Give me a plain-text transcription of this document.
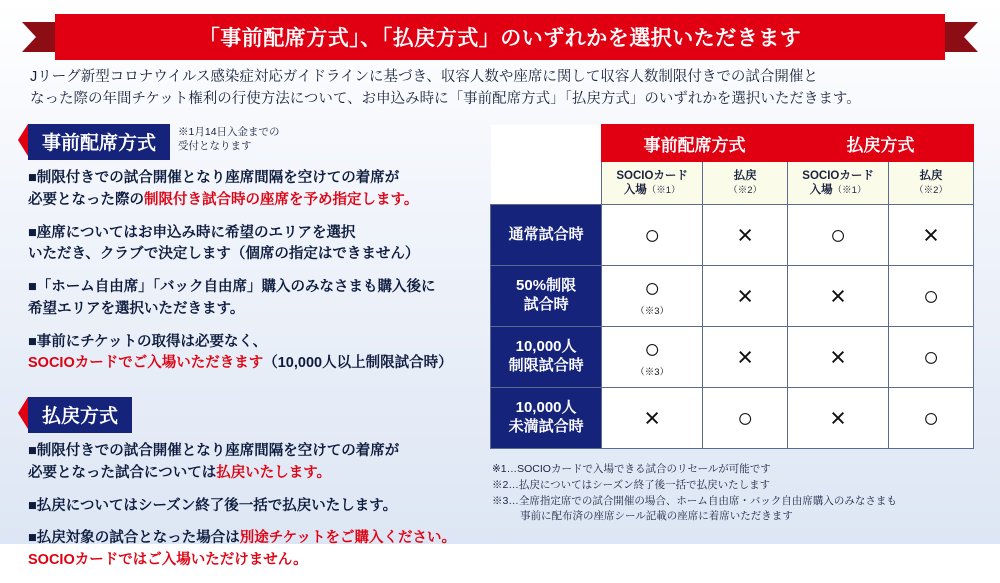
「事前配席方式」、「払戻方式」のいずれかを選択いただきます
Jリーグ新型コロナウイルス感染症対応ガイドラインに基づき、収容人数や座席に関して収容人数制限付きでの試合開催と
なった際の年間チケット権利の行使方法について、お申込み時に「事前配席方式」「払戻方式」のいずれかを選択いただきます。
事前配席方式
※1月14日入金までの
受付となります
■制限付きでの試合開催となり座席間隔を空けての着席が
必要となった際の制限付き試合時の座席を予め指定します。
■座席についてはお申込み時に希望のエリアを選択
いただき、クラブで決定します（個席の指定はできません）
■「ホーム自由席」「バック自由席」購入のみなさまも購入後に
希望エリアを選択いただきます。
■事前にチケットの取得は必要なく、
SOCIOカードでご入場いただきます（10,000人以上制限試合時）
払戻方式
■制限付きでの試合開催となり座席間隔を空けての着席が
必要となった試合については払戻いたします。
■払戻についてはシーズン終了後一括で払戻いたします。
■払戻対象の試合となった場合は別途チケットをご購入ください。
SOCIOカードではご入場いただけません。
	事前配席方式		払戻方式	
	SOCIOカード
入場（※1）	払戻
（※2）	SOCIOカード
入場（※1）	払戻
（※2）
通常試合時	○	×	○	×

50%制限
試合時	○
（※3）	×	×	○

10,000人
制限試合時	○
（※3）	×	×	○

10,000人
未満試合時	×	○	×	○
※1…SOCIOカードで入場できる試合のリセールが可能です
※2…払戻についてはシーズン終了後一括で払戻いたします
※3…全席指定席での試合開催の場合、ホーム自由席・バック自由席購入のみなさまも
事前に配布済の座席シール記載の座席に着席いただきます
